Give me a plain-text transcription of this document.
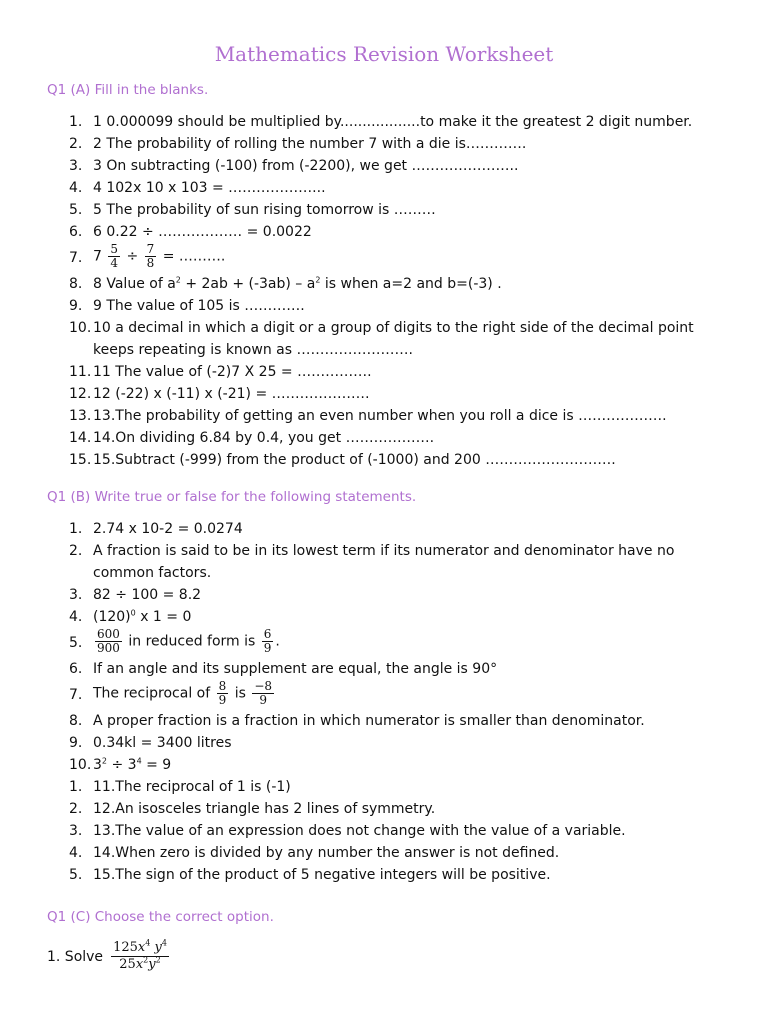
Mathematics Revision Worksheet
Q1 (A) Fill in the blanks.
1. 1 0.000099 should be multiplied by..................to make it the greatest 2 digit number.
2. 2 The probability of rolling the number 7 with a die is………….
3. 3 On subtracting (-100) from (-2200), we get …………………..
4. 4 102x 10 x 103 = ………………...
5. 5 The probability of sun rising tomorrow is ………
6. 6 0.22 ÷ ……………… = 0.0022
7. $7 \frac{5}{4} \div \frac{7}{8}$ = ……….
8. 8 Value of $a^2 + 2ab + (-3ab) - a^2$ is when a=2 and b=(-3) .
9. 9 The value of 105 is ………….
10. 10 a decimal in which a digit or a group of digits to the right side of the decimal point keeps repeating is known as …………………….
11. 11 The value of (-2)7 X 25 = …………….
12. 12 (-22) x (-11) x (-21) = …………………
13. 13.The probability of getting an even number when you roll a dice is ……………….
14. 14.On dividing 6.84 by 0.4, you get ……………….
15. 15.Subtract (-999) from the product of (-1000) and 200 ……………………….
Q1 (B) Write true or false for the following statements.
1. 2.74 x 10-2 = 0.0274
2. A fraction is said to be in its lowest term if its numerator and denominator have no common factors.
3. 82 ÷ 100 = 8.2
4. $(120)^0$ x 1 = 0
5.	$\frac{600}{900}$ in reduced form is $\frac{6}{9}$ .
6. If an angle and its supplement are equal, the angle is 90°
7. The reciprocal of $\frac{8}{9}$ is $\frac{-8}{9}$
8. A proper fraction is a fraction in which numerator is smaller than denominator.
9. 0.34kl = 3400 litres
10. $3^2 \div 3^4 = 9$
1. 11.The reciprocal of 1 is (-1)
2. 12.An isosceles triangle has 2 lines of symmetry.
3. 13.The value of an expression does not change with the value of a variable.
4. 14.When zero is divided by any number the answer is not defined.
5. 15.The sign of the product of 5 negative integers will be positive.
Q1 (C) Choose the correct option.
1. Solve $\frac{125x^4 y^4}{25x^2y^2}$
